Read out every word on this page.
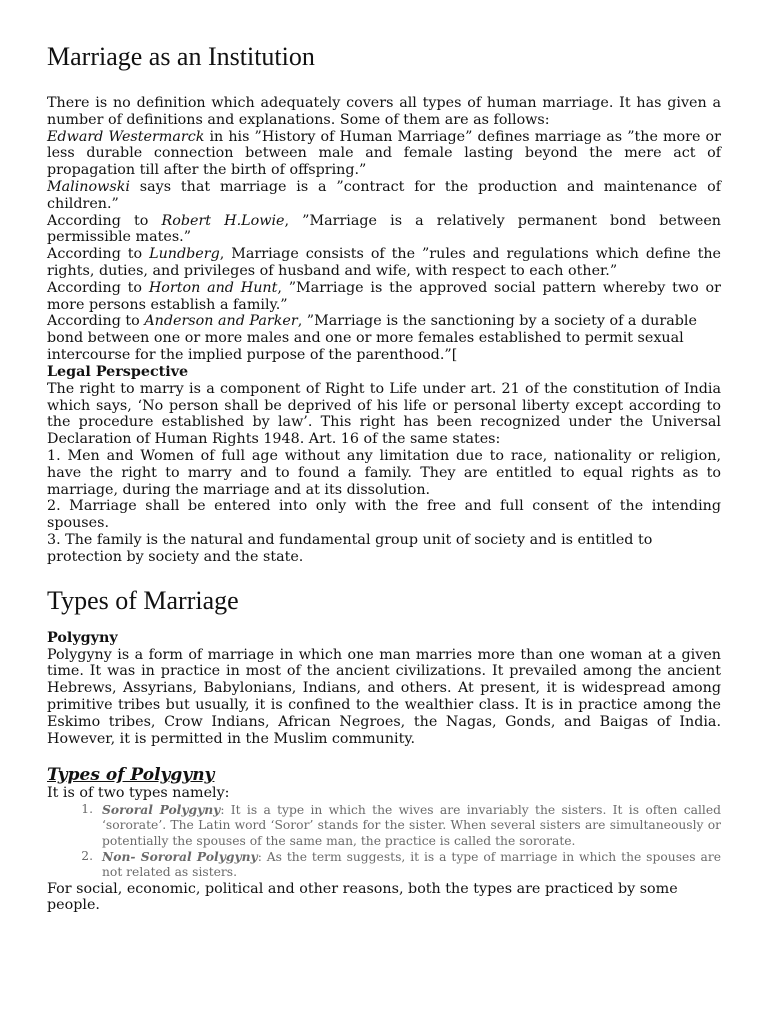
Marriage as an Institution

There is no definition which adequately covers all types of human marriage. It has given a number of definitions and explanations. Some of them are as follows:

Edward Westermarck in his ”History of Human Marriage” defines marriage as ”the more or less durable connection between male and female lasting beyond the mere act of propagation till after the birth of offspring.”

Malinowski says that marriage is a ”contract for the production and maintenance of children.”

According to Robert H.Lowie, ”Marriage is a relatively permanent bond between permissible mates.”

According to Lundberg, Marriage consists of the ”rules and regulations which define the rights, duties, and privileges of husband and wife, with respect to each other.”

According to Horton and Hunt, ”Marriage is the approved social pattern whereby two or more persons establish a family.”

According to Anderson and Parker, ”Marriage is the sanctioning by a society of a durable bond between one or more males and one or more females established to permit sexual intercourse for the implied purpose of the parenthood.”[

Legal Perspective

The right to marry is a component of Right to Life under art. 21 of the constitution of India which says, ‘No person shall be deprived of his life or personal liberty except according to the procedure established by law’. This right has been recognized under the Universal Declaration of Human Rights 1948. Art. 16 of the same states:

1. Men and Women of full age without any limitation due to race, nationality or religion, have the right to marry and to found a family. They are entitled to equal rights as to marriage, during the marriage and at its dissolution.

2. Marriage shall be entered into only with the free and full consent of the intending spouses.

3. The family is the natural and fundamental group unit of society and is entitled to protection by society and the state.

Types of Marriage
Polygyny

Polygyny is a form of marriage in which one man marries more than one woman at a given time. It was in practice in most of the ancient civilizations. It prevailed among the ancient Hebrews, Assyrians, Babylonians, Indians, and others. At present, it is widespread among primitive tribes but usually, it is confined to the wealthier class. It is in practice among the Eskimo tribes, Crow Indians, African Negroes, the Nagas, Gonds, and Baigas of India. However, it is permitted in the Muslim community.

Types of Polygyny

It is of two types namely:

1. Sororal Polygyny: It is a type in which the wives are invariably the sisters. It is often called ‘sororate’. The Latin word ‘Soror’ stands for the sister. When several sisters are simultaneously or potentially the spouses of the same man, the practice is called the sororate.
2. Non- Sororal Polygyny: As the term suggests, it is a type of marriage in which the spouses are not related as sisters.

For social, economic, political and other reasons, both the types are practiced by some people.
